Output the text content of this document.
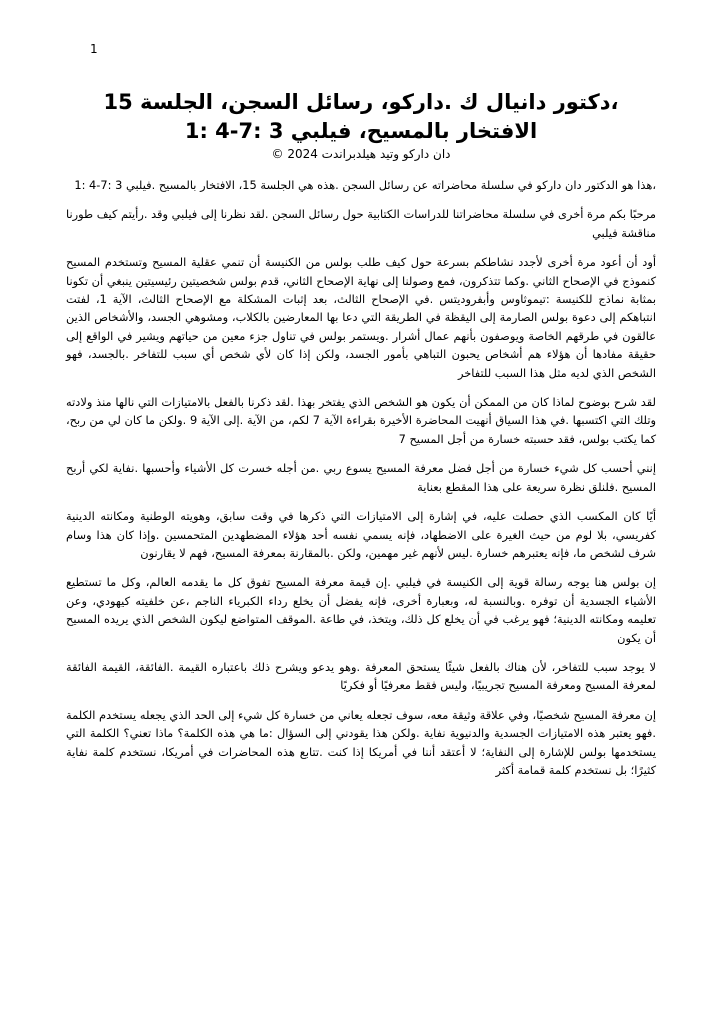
1
،دكتور دانيال ك .داركو، رسائل السجن، الجلسة 15
الافتخار بالمسيح، فيلبي 3 :7-4 :1

دان داركو وتيد هيلدبراندت 2024 ©

،هذا هو الدكتور دان داركو في سلسلة محاضراته عن رسائل السجن .هذه هي الجلسة 15، الافتخار بالمسيح .فيلبي 3 :7-4 :1

مرحبًا بكم مرة أخرى في سلسلة محاضراتنا للدراسات الكتابية حول رسائل السجن .لقد نظرنا إلى فيلبي وقد .رأيتم كيف طورنا مناقشة فيلبي

أود أن أعود مرة أخرى لأجدد نشاطكم بسرعة حول كيف طلب بولس من الكنيسة أن تنمي عقلية المسيح وتستخدم المسيح كنموذج في الإصحاح الثاني .وكما تتذكرون، فمع وصولنا إلى نهاية الإصحاح الثاني، قدم بولس شخصيتين رئيسيتين ينبغي أن تكونا بمثابة نماذج للكنيسة :تيموثاوس وأبفروديتس .في الإصحاح الثالث، بعد إثبات المشكلة مع الإصحاح الثالث، الآية 1، لفتت انتباهكم إلى دعوة بولس الصارمة إلى اليقظة في الطريقة التي دعا بها المعارضين بالكلاب، ومشوهي الجسد، والأشخاص الذين عالقون في طرقهم الخاصة ويوصفون بأنهم عمال أشرار .ويستمر بولس في تناول جزء معين من حياتهم ويشير في الواقع إلى حقيقة مفادها أن هؤلاء هم أشخاص يحبون التباهي بأمور الجسد، ولكن إذا كان لأي شخص أي سبب للتفاخر .بالجسد، فهو الشخص الذي لديه مثل هذا السبب للتفاخر

لقد شرح بوضوح لماذا كان من الممكن أن يكون هو الشخص الذي يفتخر بهذا .لقد ذكرنا بالفعل بالامتيازات التي نالها منذ ولادته وتلك التي اكتسبها .في هذا السياق أنهيت المحاضرة الأخيرة بقراءة الآية 7 لكم، من الآية .إلى الآية 9 .ولكن ما كان لي من ربح، كما يكتب بولس، فقد حسبته خسارة من أجل المسيح 7

إنني أحسب كل شيء خسارة من أجل فضل معرفة المسيح يسوع ربي .من أجله خسرت كل الأشياء وأحسبها .نفاية لكي أربح المسيح .فلنلق نظرة سريعة على هذا المقطع بعناية

أيًا كان المكسب الذي حصلت عليه، في إشارة إلى الامتيازات التي ذكرها في وقت سابق، وهويته الوطنية ومكانته الدينية كفريسي، بلا لوم من حيث الغيرة على الاضطهاد، فإنه يسمي نفسه أحد هؤلاء المضطهدين المتحمسين .وإذا كان هذا وسام شرف لشخص ما، فإنه يعتبرهم خسارة .ليس لأنهم غير مهمين، ولكن .بالمقارنة بمعرفة المسيح، فهم لا يقارنون

إن بولس هنا يوجه رسالة قوية إلى الكنيسة في فيلبي .إن قيمة معرفة المسيح تفوق كل ما يقدمه العالم، وكل ما تستطيع الأشياء الجسدية أن توفره .وبالنسبة له، وبعبارة أخرى، فإنه يفضل أن يخلع رداء الكبرياء الناجم ،عن خلفيته كيهودي، وعن تعليمه ومكانته الدينية؛ فهو يرغب في أن يخلع كل ذلك، ويتخذ، في طاعة .الموقف المتواضع ليكون الشخص الذي يريده المسيح أن يكون

لا يوجد سبب للتفاخر، لأن هناك بالفعل شيئًا يستحق المعرفة .وهو يدعو ويشرح ذلك باعتباره القيمة .الفائقة، القيمة الفائقة لمعرفة المسيح ومعرفة المسيح تجريبيًا، وليس فقط معرفيًا أو فكريًا

إن معرفة المسيح شخصيًا، وفي علاقة وثيقة معه، سوف تجعله يعاني من خسارة كل شيء إلى الحد الذي يجعله يستخدم الكلمة .فهو يعتبر هذه الامتيازات الجسدية والدنيوية نفاية .ولكن هذا يقودني إلى السؤال :ما هي هذه الكلمة؟ ماذا تعني؟ الكلمة التي يستخدمها بولس للإشارة إلى النفاية؛ لا أعتقد أننا في أمريكا إذا كنت .تتابع هذه المحاضرات في أمريكا، نستخدم كلمة نفاية كثيرًا؛ بل نستخدم كلمة قمامة أكثر
